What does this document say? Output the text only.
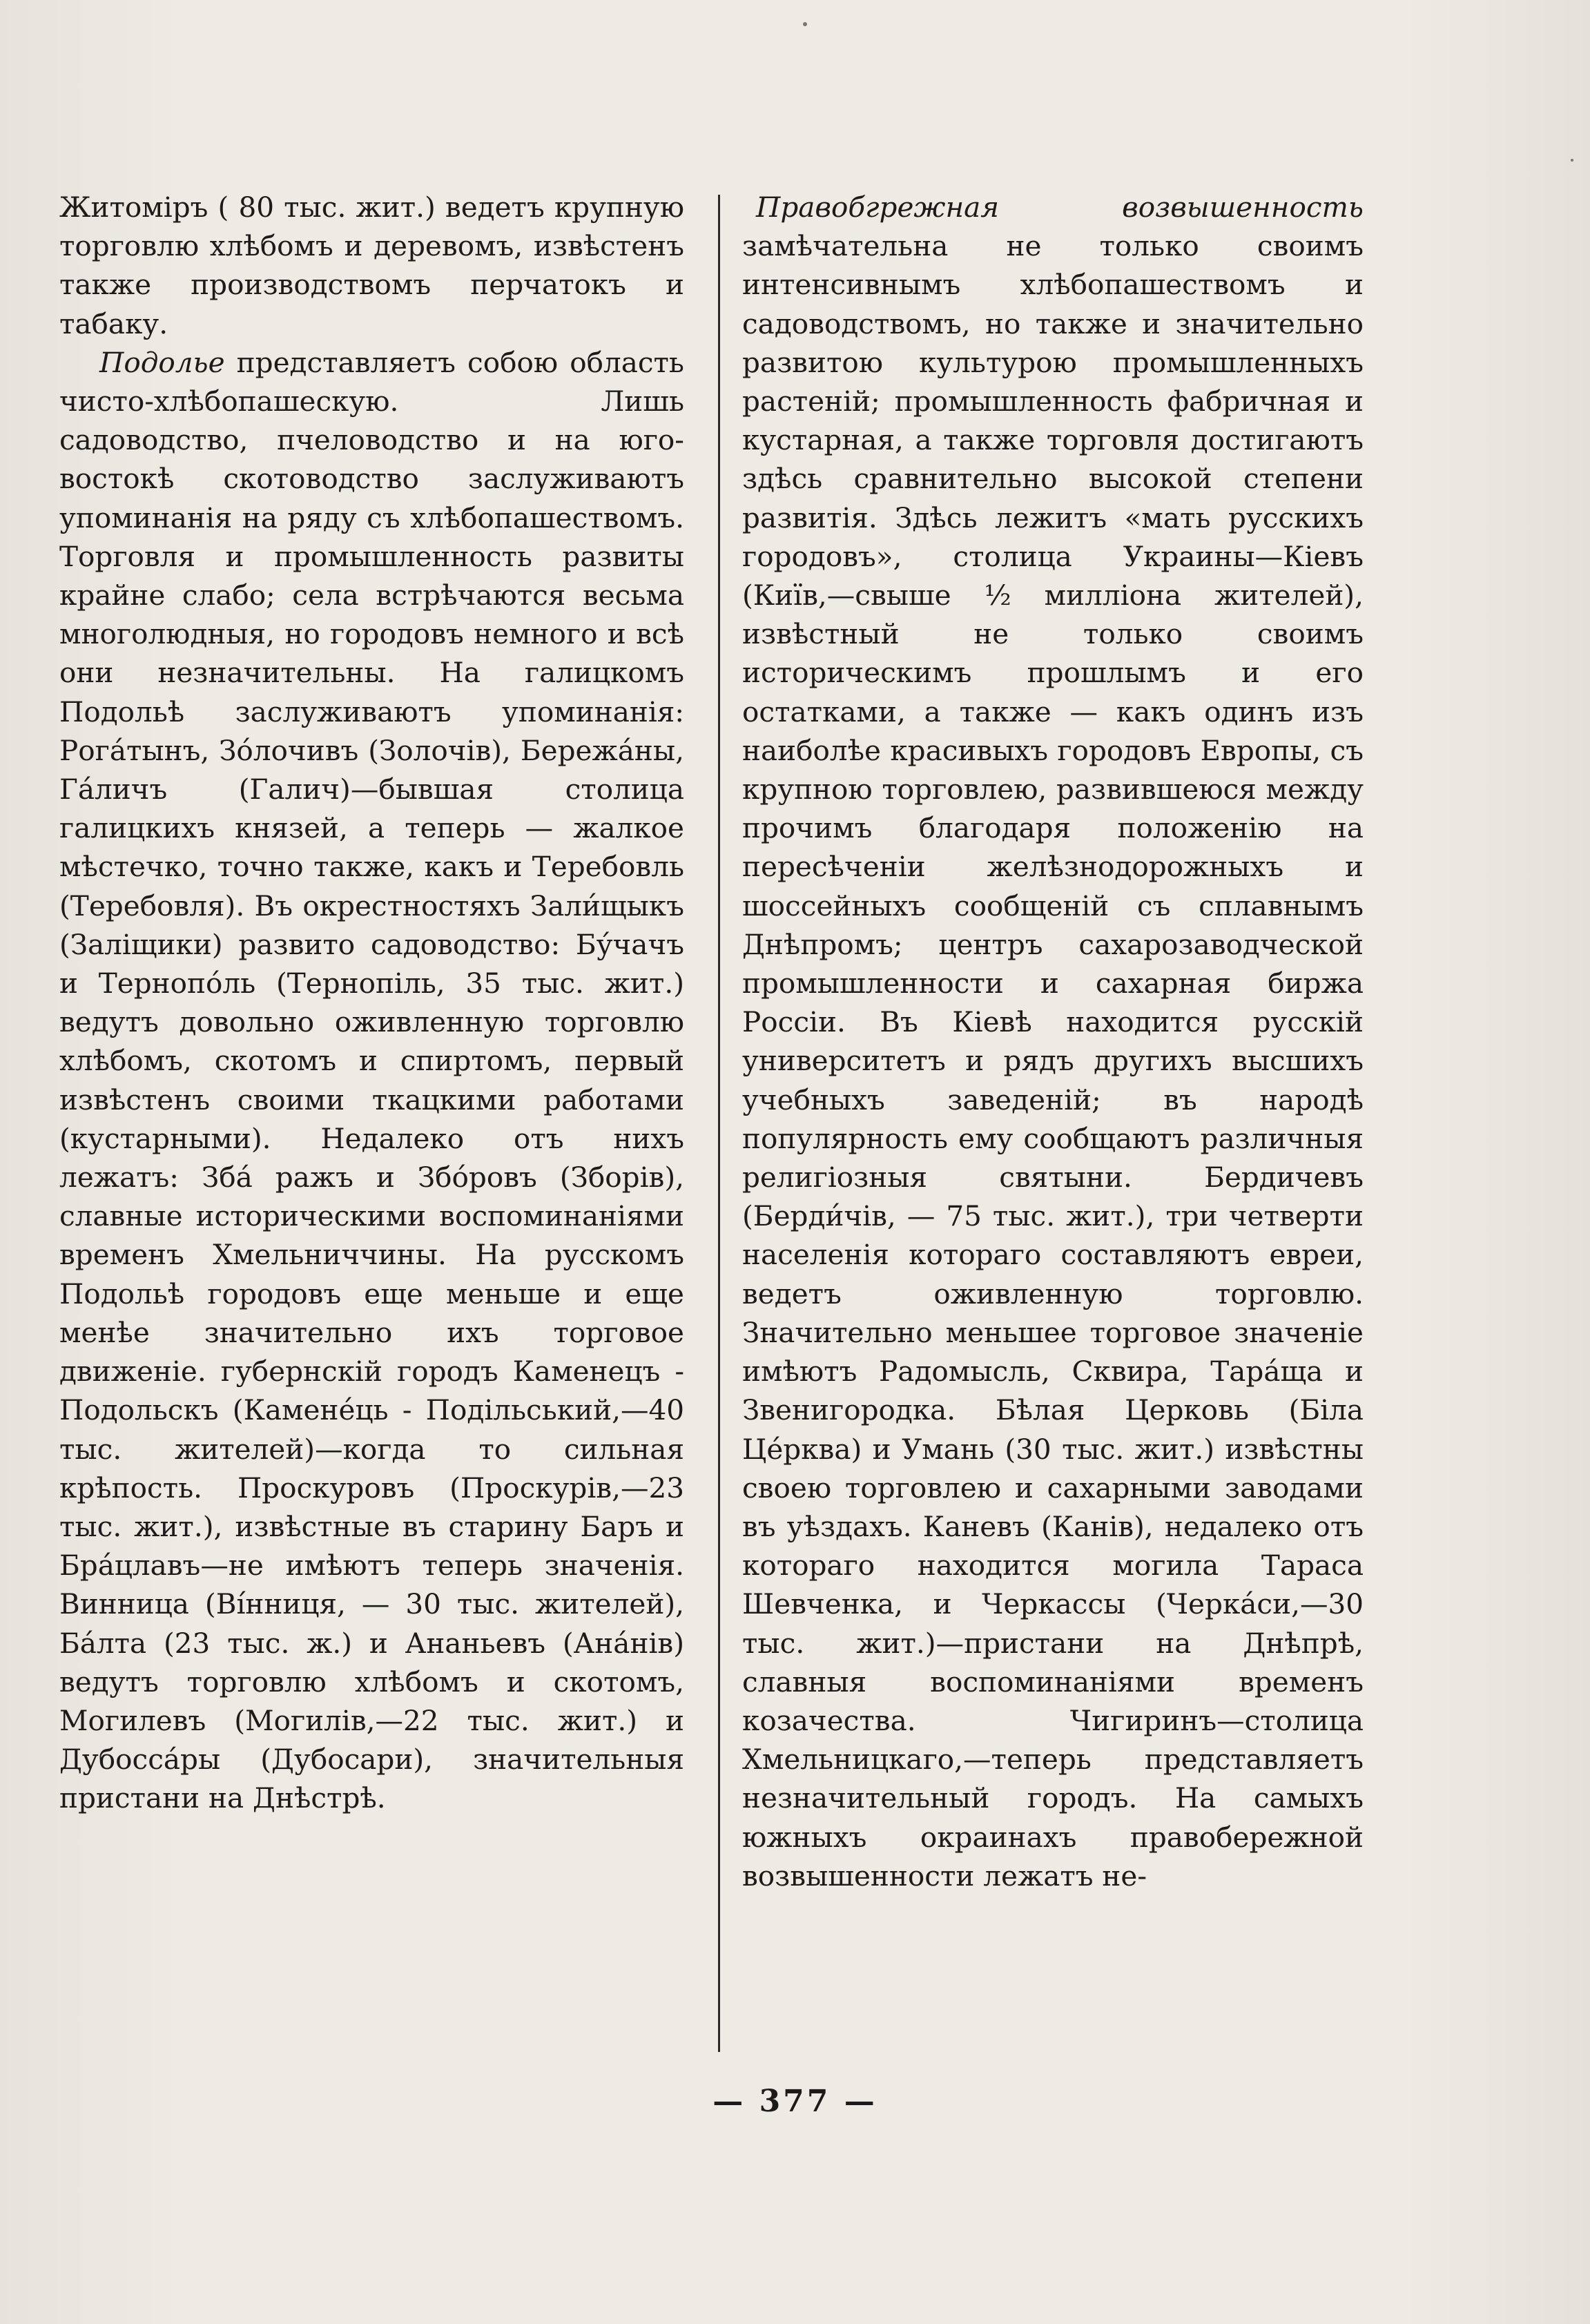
Житоміръ ( 80 тыс. жит.) ведетъ крупную торговлю хлѣбомъ и деревомъ, извѣстенъ также производствомъ перчатокъ и табаку.

Подолье представляетъ собою область чисто-хлѣбопашескую. Лишь садоводство, пчеловодство и на юго-востокѣ скотоводство заслуживаютъ упоминанія на ряду съ хлѣбопашествомъ. Торговля и промышленность развиты крайне слабо; села встрѣчаются весьма многолюдныя, но городовъ немного и всѣ они незначительны. На галицкомъ Подольѣ заслуживаютъ упоминанія: Рога́тынъ, Зо́лочивъ (Золочів), Бережа́ны, Га́личъ (Галич)—бывшая столица галицкихъ князей, а теперь — жалкое мѣстечко, точно также, какъ и Теребовль (Теребовля). Въ окрестностяхъ Зали́щыкъ (Заліщики) развито садоводство: Бу́чачъ и Тернопо́ль (Тернопіль, 35 тыс. жит.) ведутъ довольно оживленную торговлю хлѣбомъ, скотомъ и спиртомъ, первый извѣстенъ своими ткацкими работами (кустарными). Недалеко отъ нихъ лежатъ: Збá ражъ и Збо́ровъ (Зборів), славные историческими воспоминаніями временъ Хмельниччины. На русскомъ Подольѣ городовъ еще меньше и еще менѣе значительно ихъ торговое движеніе. губернскій городъ Каменецъ - Подольскъ (Камене́ць - Подільський,—40 тыс. жителей)—когда то сильная крѣпость. Проскуровъ (Проскурів,—23 тыс. жит.), извѣстные въ старину Баръ и Бра́цлавъ—не имѣютъ теперь значенія. Винница (Ві́нниця, — 30 тыс. жителей), Ба́лта (23 тыс. ж.) и Ананьевъ (Ана́нів) ведутъ торговлю хлѣбомъ и скотомъ, Могилевъ (Могилів,—22 тыс. жит.) и Дубоссáры (Дубосари), значительныя пристани на Днѣстрѣ.

Правобгрежная возвышенность замѣчательна не только своимъ интенсивнымъ хлѣбопашествомъ и садоводствомъ, но также и значительно развитою культурою промышленныхъ растеній; промышленность фабричная и кустарная, а также торговля достигаютъ здѣсь сравнительно высокой степени развитія. Здѣсь лежитъ «мать русскихъ городовъ», столица Украины—Кіевъ (Київ,—свыше ½ милліона жителей), извѣстный не только своимъ историческимъ прошлымъ и его остатками, а также — какъ одинъ изъ наиболѣе красивыхъ городовъ Европы, съ крупною торговлею, развившеюся между прочимъ благодаря положенію на пересѣченіи желѣзнодорожныхъ и шоссейныхъ сообщеній съ сплавнымъ Днѣпромъ; центръ сахарозаводческой промышленности и сахарная биржа Россіи. Въ Кіевѣ находится русскій университетъ и рядъ другихъ высшихъ учебныхъ заведеній; въ народѣ популярность ему сообщаютъ различныя религіозныя святыни. Бердичевъ (Берди́чів, — 75 тыс. жит.), три четверти населенія котораго составляютъ евреи, ведетъ оживленную торговлю. Значительно меньшее торговое значеніе имѣютъ Радомысль, Сквира, Тара́ща и Звенигородка. Бѣлая Церковь (Біла Це́рква) и Умань (30 тыс. жит.) извѣстны своею торговлею и сахарными заводами въ уѣздахъ. Каневъ (Канів), недалеко отъ котораго находится могила Тараса Шевченка, и Черкассы (Черка́си,—30 тыс. жит.)—пристани на Днѣпрѣ, славныя воспоминаніями временъ козачества. Чигиринъ—столица Хмельницкаго,—теперь представляетъ незначительный городъ. На самыхъ южныхъ окраинахъ правобережной возвышенности лежатъ не-

— 377 —
